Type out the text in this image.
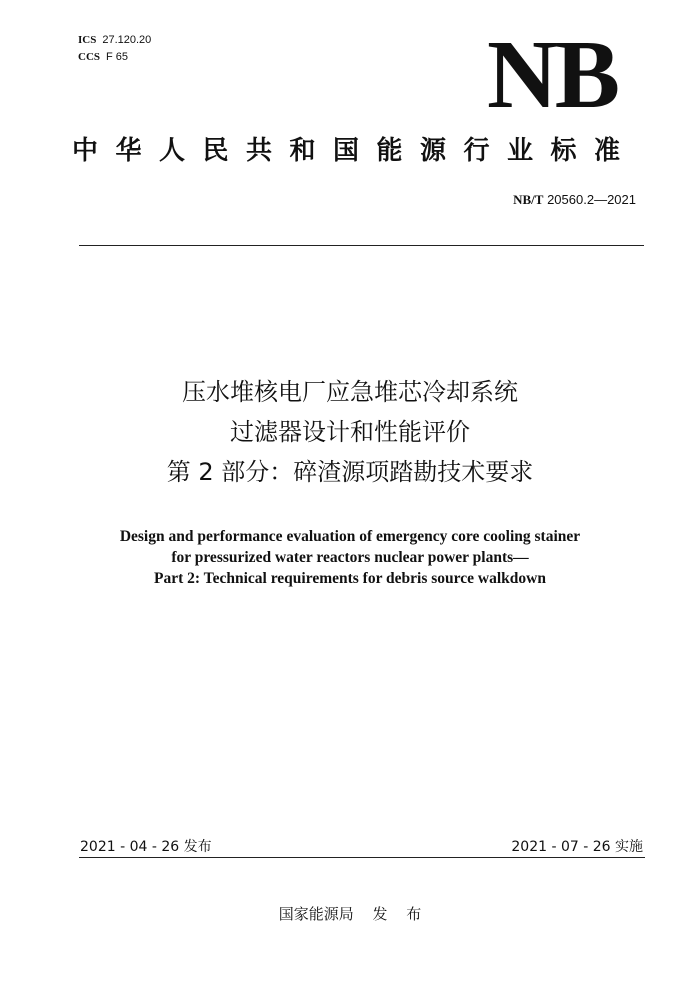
ICS 27.120.20
CCS F 65	NB
中华人民共和国能源行业标准
NB/T 20560.2—2021
压水堆核电厂应急堆芯冷却系统
过滤器设计和性能评价
第 2 部分：碎渣源项踏勘技术要求
Design and performance evaluation of emergency core cooling stainer
for pressurized water reactors nuclear power plants—
Part 2: Technical requirements for debris source walkdown
2021 - 04 - 26 发布	2021 - 07 - 26 实施
国家能源局 发 布
